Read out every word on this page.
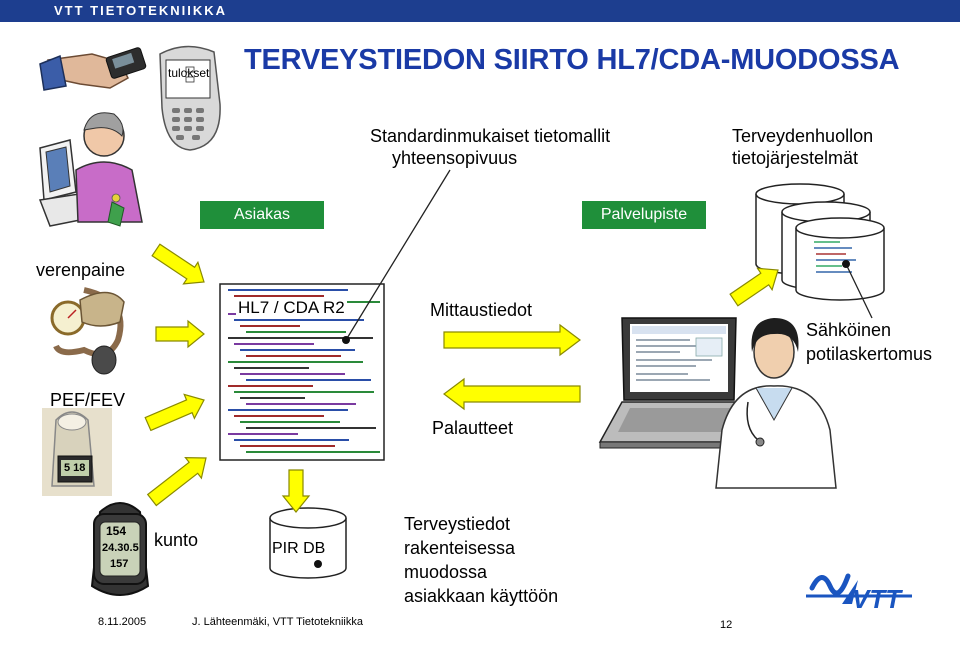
VTT TIETOTEKNIIKKA
TERVEYSTIEDON SIIRTO HL7/CDA-MUODOSSA
tulokset
Standardinmukaiset tietomallit
yhteensopivuus
Terveydenhuollon
tietojärjestelmät
Asiakas	Palvelupiste
verenpaine
HL7 / CDA R2	Mittaustiedot
Palautteet
Sähköinen
potilaskertomus
PEF/FEV
kunto	PIR DB
Terveystiedot
rakenteisessa
muodossa
asiakkaan käyttöön
154
24.30.5
157
5 18
VTT
8.11.2005	J. Lähteenmäki, VTT Tietotekniikka	12
